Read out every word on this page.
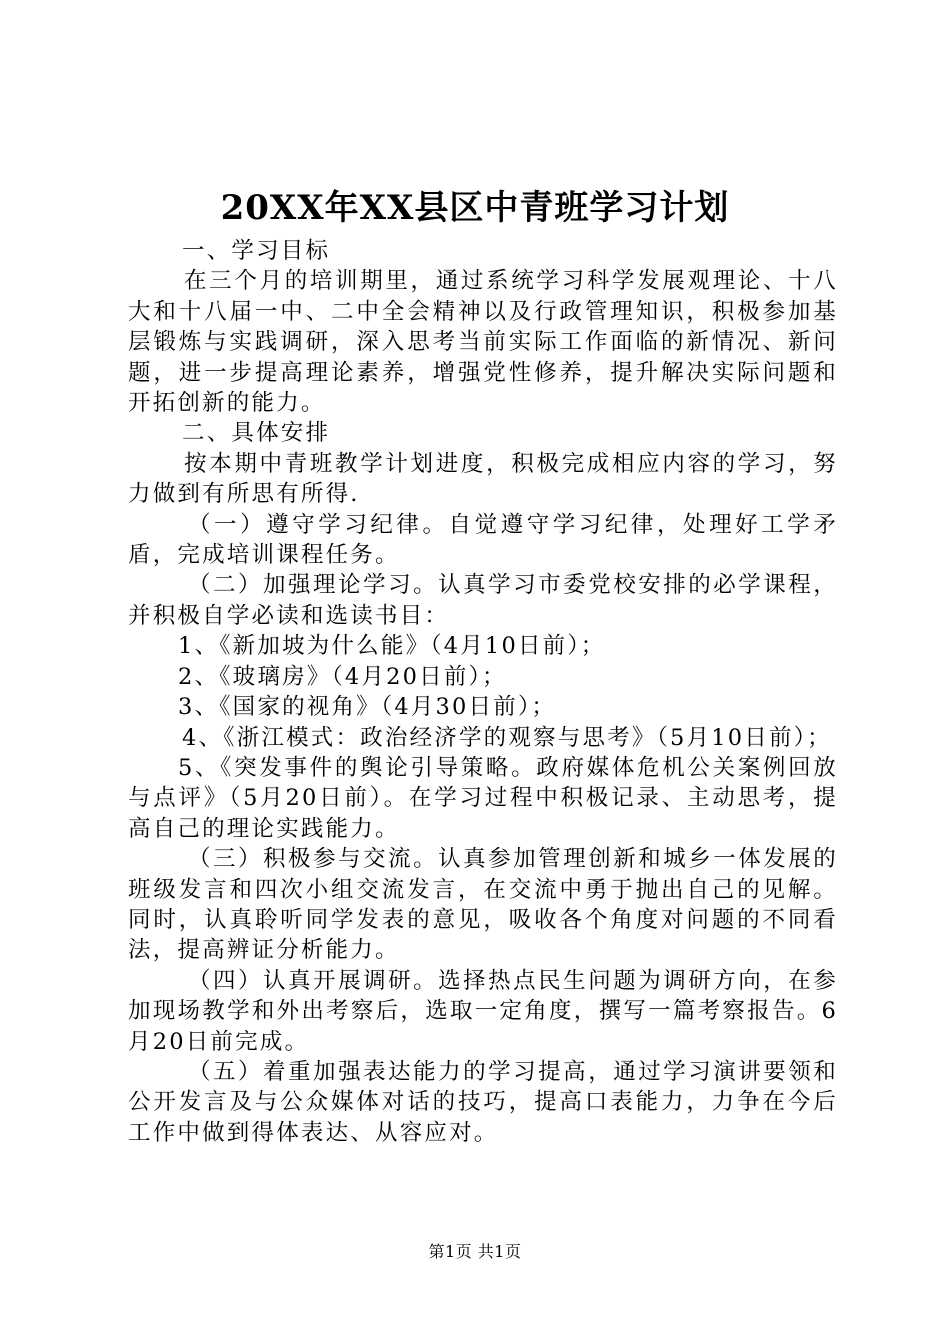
20XX年XX县区中青班学习计划

一、学习目标

在三个月的培训期里，通过系统学习科学发展观理论、十八大和十八届一中、二中全会精神以及行政管理知识，积极参加基层锻炼与实践调研，深入思考当前实际工作面临的新情况、新问题，进一步提高理论素养，增强党性修养，提升解决实际问题和开拓创新的能力。

二、具体安排

按本期中青班教学计划进度，积极完成相应内容的学习，努力做到有所思有所得.

（一）遵守学习纪律。自觉遵守学习纪律，处理好工学矛盾，完成培训课程任务。

（二）加强理论学习。认真学习市委党校安排的必学课程，并积极自学必读和选读书目：

1、《新加坡为什么能》（4月10日前）；

2、《玻璃房》（4月20日前）；

3、《国家的视角》（4月30日前）；

4、《浙江模式：政治经济学的观察与思考》（5月10日前）；

5、《突发事件的舆论引导策略。政府媒体危机公关案例回放与点评》（5月20日前）。在学习过程中积极记录、主动思考，提高自己的理论实践能力。

（三）积极参与交流。认真参加管理创新和城乡一体发展的班级发言和四次小组交流发言，在交流中勇于抛出自己的见解。同时，认真聆听同学发表的意见，吸收各个角度对问题的不同看法，提高辨证分析能力。

（四）认真开展调研。选择热点民生问题为调研方向，在参加现场教学和外出考察后，选取一定角度，撰写一篇考察报告。6月20日前完成。

（五）着重加强表达能力的学习提高，通过学习演讲要领和公开发言及与公众媒体对话的技巧，提高口表能力，力争在今后工作中做到得体表达、从容应对。

第1页 共1页
